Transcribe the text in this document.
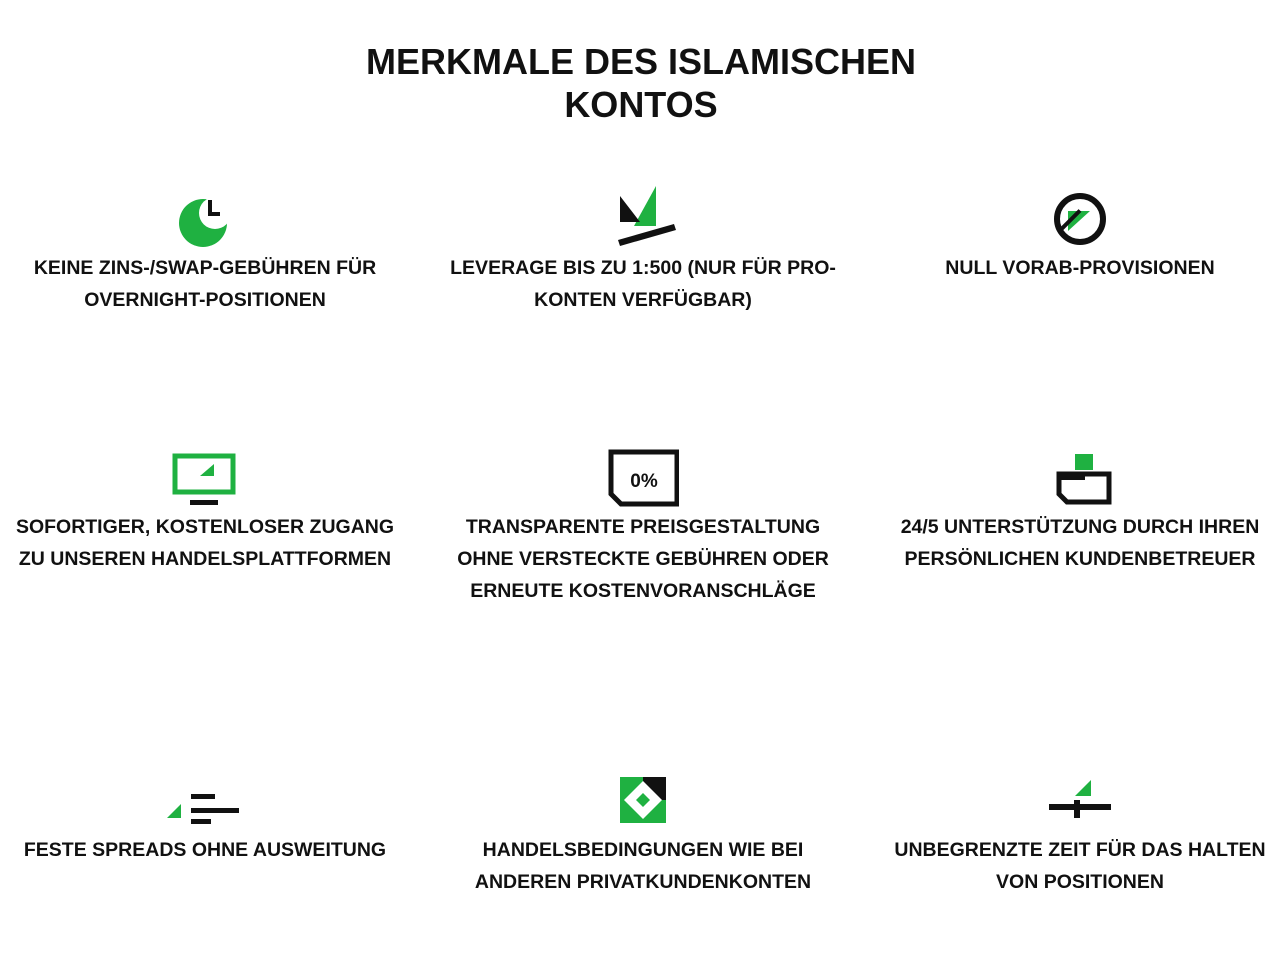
MERKMALE DES ISLAMISCHEN
KONTOS

KEINE ZINS-/SWAP-GEBÜHREN FÜR OVERNIGHT-POSITIONEN

LEVERAGE BIS ZU 1:500 (NUR FÜR PRO-KONTEN VERFÜGBAR)

NULL VORAB-PROVISIONEN

SOFORTIGER, KOSTENLOSER ZUGANG ZU UNSEREN HANDELSPLATTFORMEN

0%

TRANSPARENTE PREISGESTALTUNG OHNE VERSTECKTE GEBÜHREN ODER ERNEUTE KOSTENVORANSCHLÄGE

24/5 UNTERSTÜTZUNG DURCH IHREN PERSÖNLICHEN KUNDENBETREUER

FESTE SPREADS OHNE AUSWEITUNG	HANDELSBEDINGUNGEN WIE BEI ANDEREN PRIVATKUNDENKONTEN

UNBEGRENZTE ZEIT FÜR DAS HALTEN VON POSITIONEN
